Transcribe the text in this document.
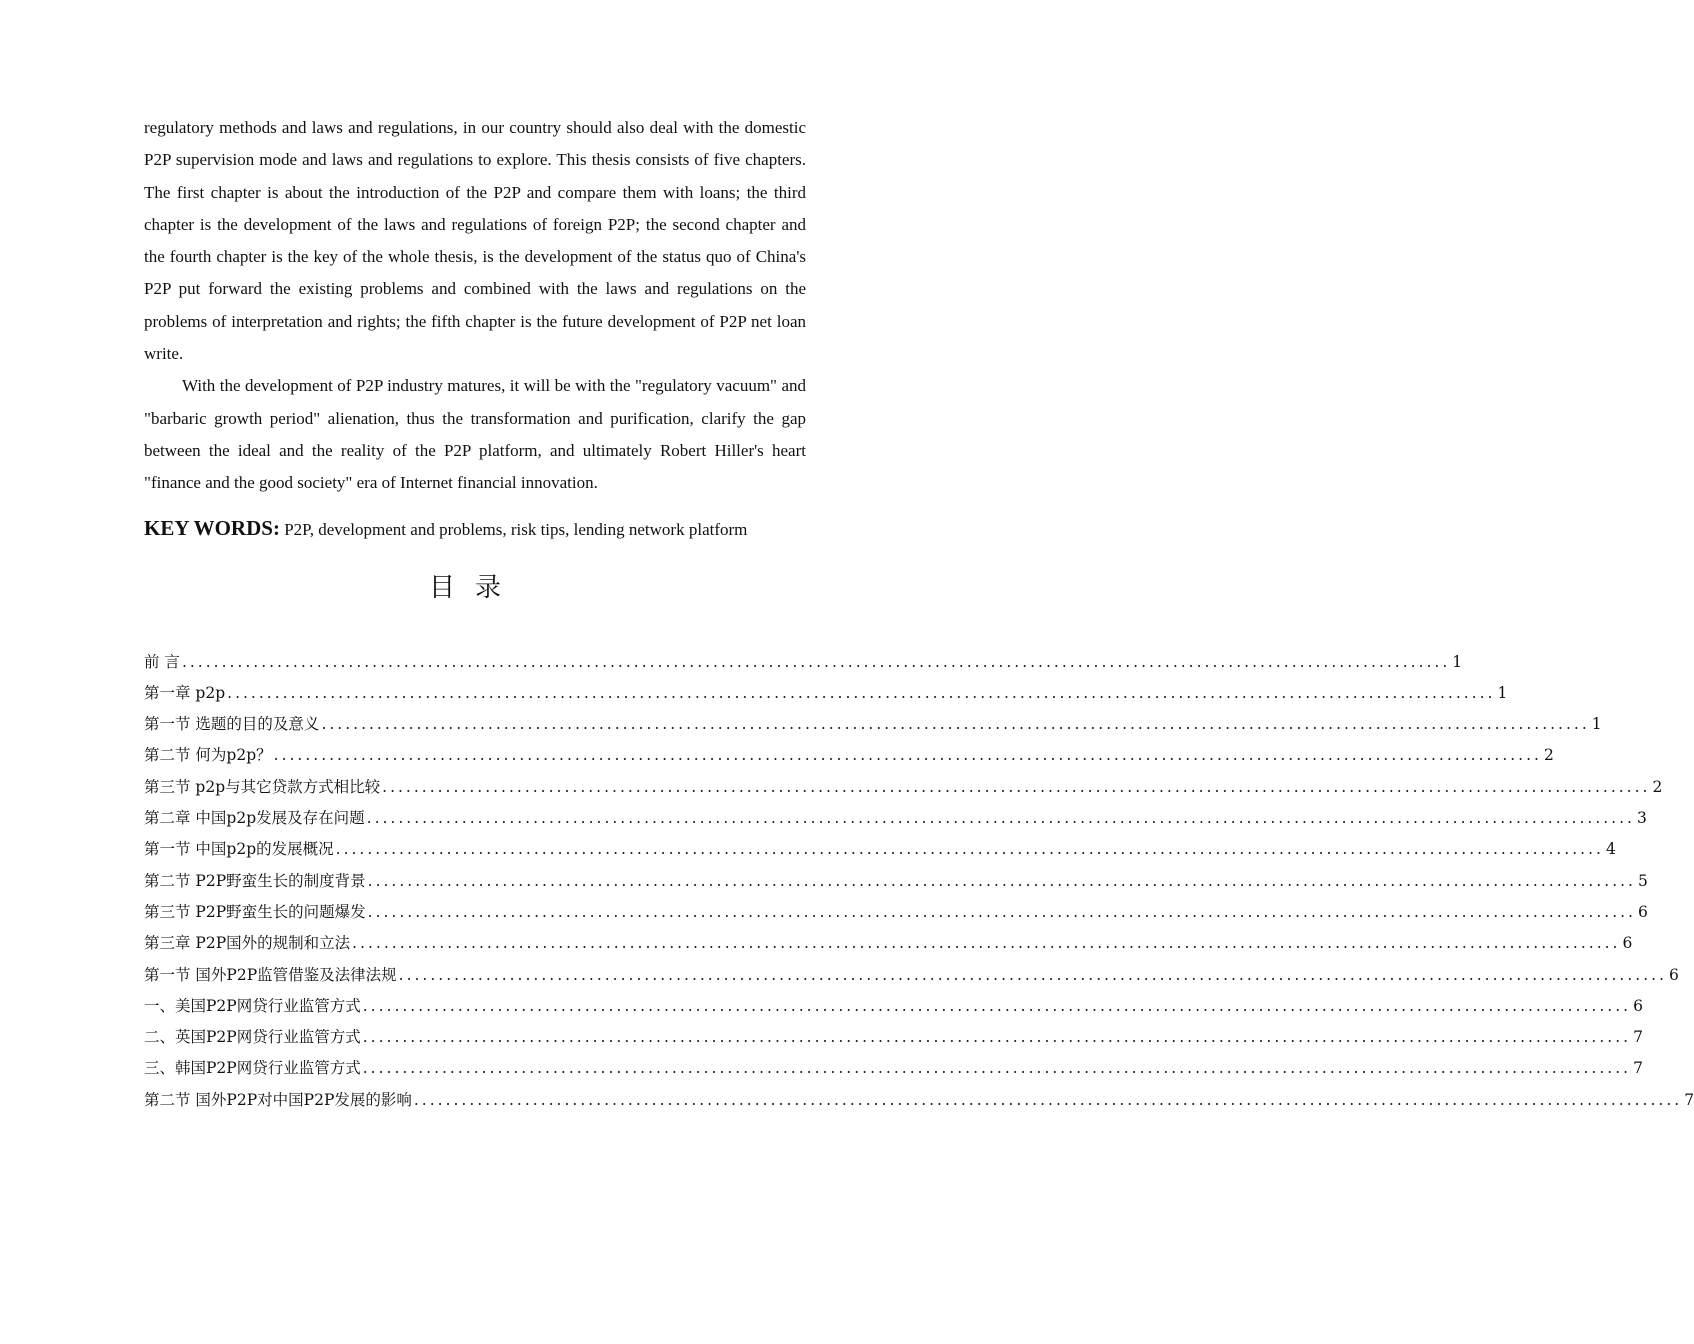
regulatory methods and laws and regulations, in our country should also deal with the domestic P2P supervision mode and laws and regulations to explore. This thesis consists of five chapters. The first chapter is about the introduction of the P2P and compare them with loans; the third chapter is the development of the laws and regulations of foreign P2P; the second chapter and the fourth chapter is the key of the whole thesis, is the development of the status quo of China's P2P put forward the existing problems and combined with the laws and regulations on the problems of interpretation and rights; the fifth chapter is the future development of P2P net loan write.

With the development of P2P industry matures, it will be with the "regulatory vacuum" and "barbaric growth period" alienation, thus the transformation and purification, clarify the gap between the ideal and the reality of the P2P platform, and ultimately Robert Hiller's heart "finance and the good society" era of Internet financial innovation.

KEY WORDS: P2P, development and problems, risk tips, lending network platform

目录
前 言 ................................................................................................................................................................ 1
第一章 p2p ................................................................................................................................................................ 1
第一节 选题的目的及意义 ................................................................................................................................................................ 1
第二节 何为p2p？ ................................................................................................................................................................ 2
第三节 p2p与其它贷款方式相比较 ................................................................................................................................................................ 2
第二章 中国p2p发展及存在问题 ................................................................................................................................................................ 3
第一节 中国p2p的发展概况 ................................................................................................................................................................ 4
第二节 P2P野蛮生长的制度背景 ................................................................................................................................................................ 5
第三节 P2P野蛮生长的问题爆发 ................................................................................................................................................................ 6
第三章 P2P国外的规制和立法 ................................................................................................................................................................ 6
第一节 国外P2P监管借鉴及法律法规 ................................................................................................................................................................ 6
一、美国P2P网贷行业监管方式 ................................................................................................................................................................ 6
二、英国P2P网贷行业监管方式 ................................................................................................................................................................ 7
三、韩国P2P网贷行业监管方式 ................................................................................................................................................................ 7
第二节 国外P2P对中国P2P发展的影响 ................................................................................................................................................................ 7
